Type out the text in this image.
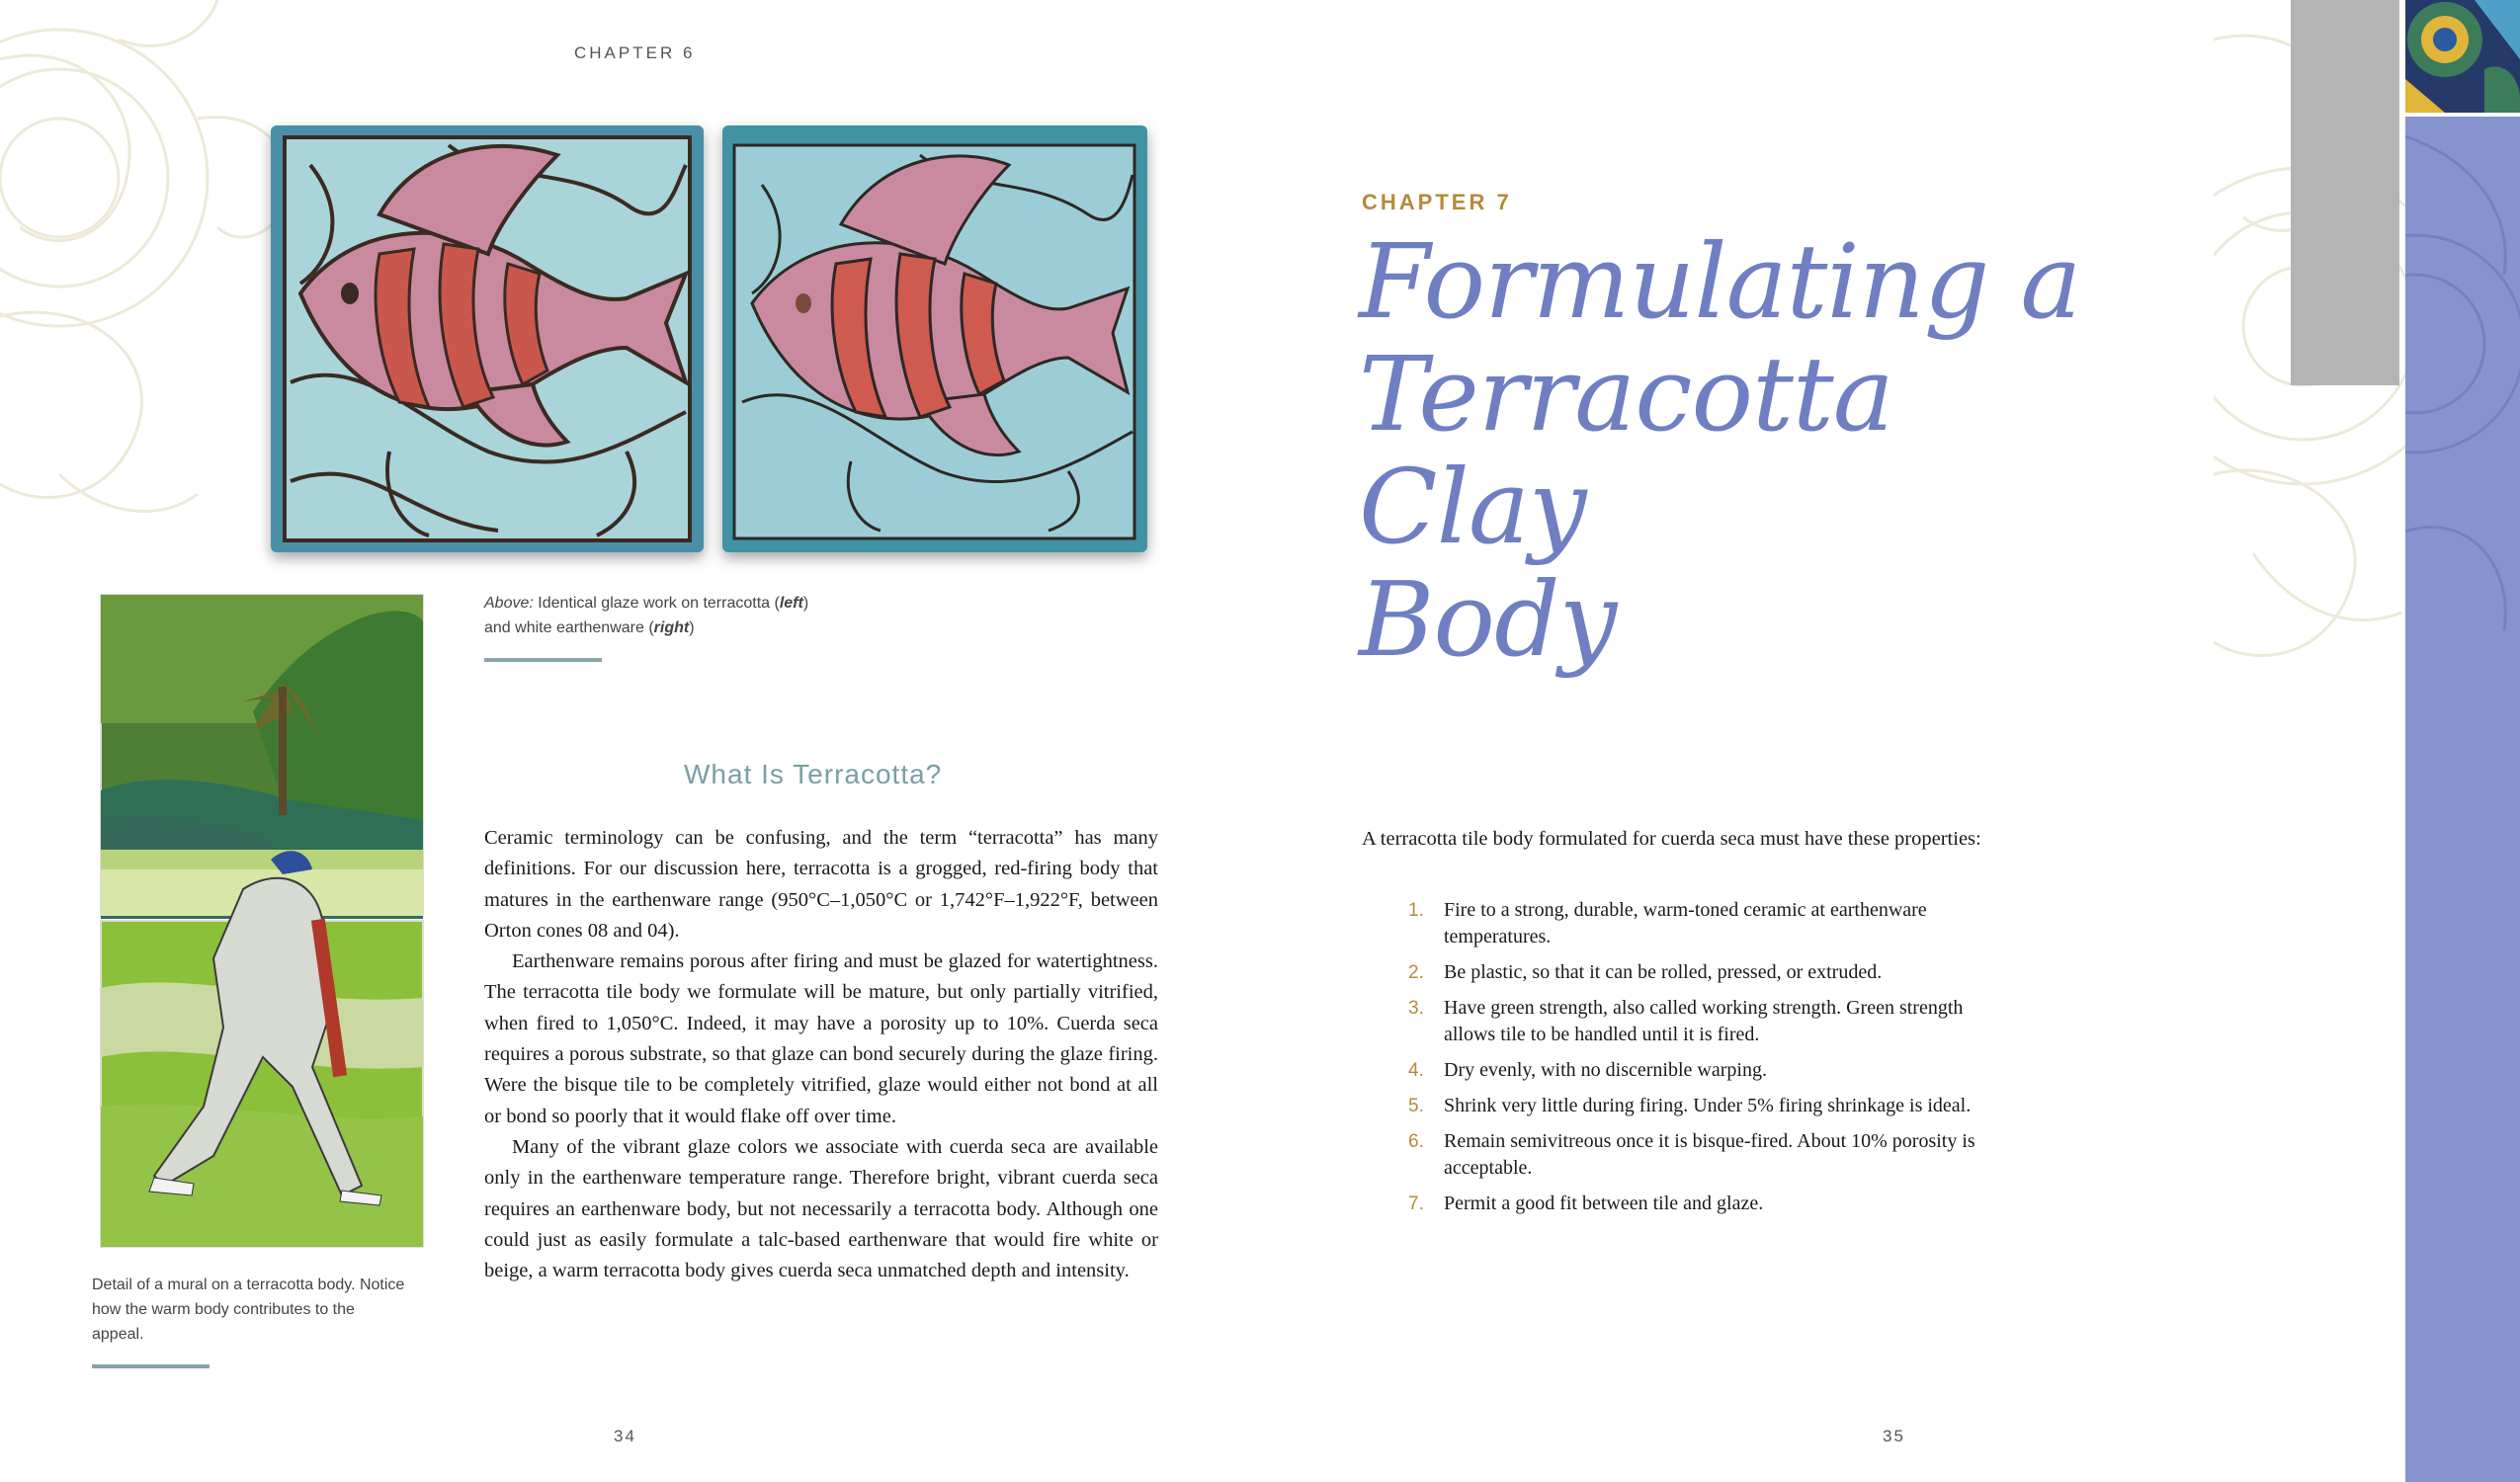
CHAPTER 6
Above: Identical glaze work on terracotta (left) and white earthenware (right)
Detail of a mural on a terracotta body. Notice how the warm body contributes to the appeal.
What Is Terracotta?

Ceramic terminology can be confusing, and the term “terracotta” has many definitions. For our discussion here, terracotta is a grogged, red-firing body that matures in the earthenware range (950°C–1,050°C or 1,742°F–1,922°F, between Orton cones 08 and 04).

Earthenware remains porous after firing and must be glazed for watertightness. The terracotta tile body we formulate will be mature, but only partially vitrified, when fired to 1,050°C. Indeed, it may have a porosity up to 10%. Cuerda seca requires a porous substrate, so that glaze can bond securely during the glaze firing. Were the bisque tile to be completely vitrified, glaze would either not bond at all or bond so poorly that it would flake off over time.

Many of the vibrant glaze colors we associate with cuerda seca are available only in the earthenware temperature range. Therefore bright, vibrant cuerda seca requires an earthenware body, but not necessarily a terracotta body. Although one could just as easily formulate a talc-based earthenware that would fire white or beige, a warm terracotta body gives cuerda seca unmatched depth and intensity.

34
CHAPTER 7
Formulating a
Terracotta Clay
Body
A terracotta tile body formulated for cuerda seca must have these properties:
1.	Fire to a strong, durable, warm-toned ceramic at earthenware temperatures.
2.	Be plastic, so that it can be rolled, pressed, or extruded.
3.	Have green strength, also called working strength. Green strength allows tile to be handled until it is fired.
4.	Dry evenly, with no discernible warping.
5.	Shrink very little during firing. Under 5% firing shrinkage is ideal.
6.	Remain semivitreous once it is bisque-fired. About 10% porosity is acceptable.
7.	Permit a good fit between tile and glaze.
35
